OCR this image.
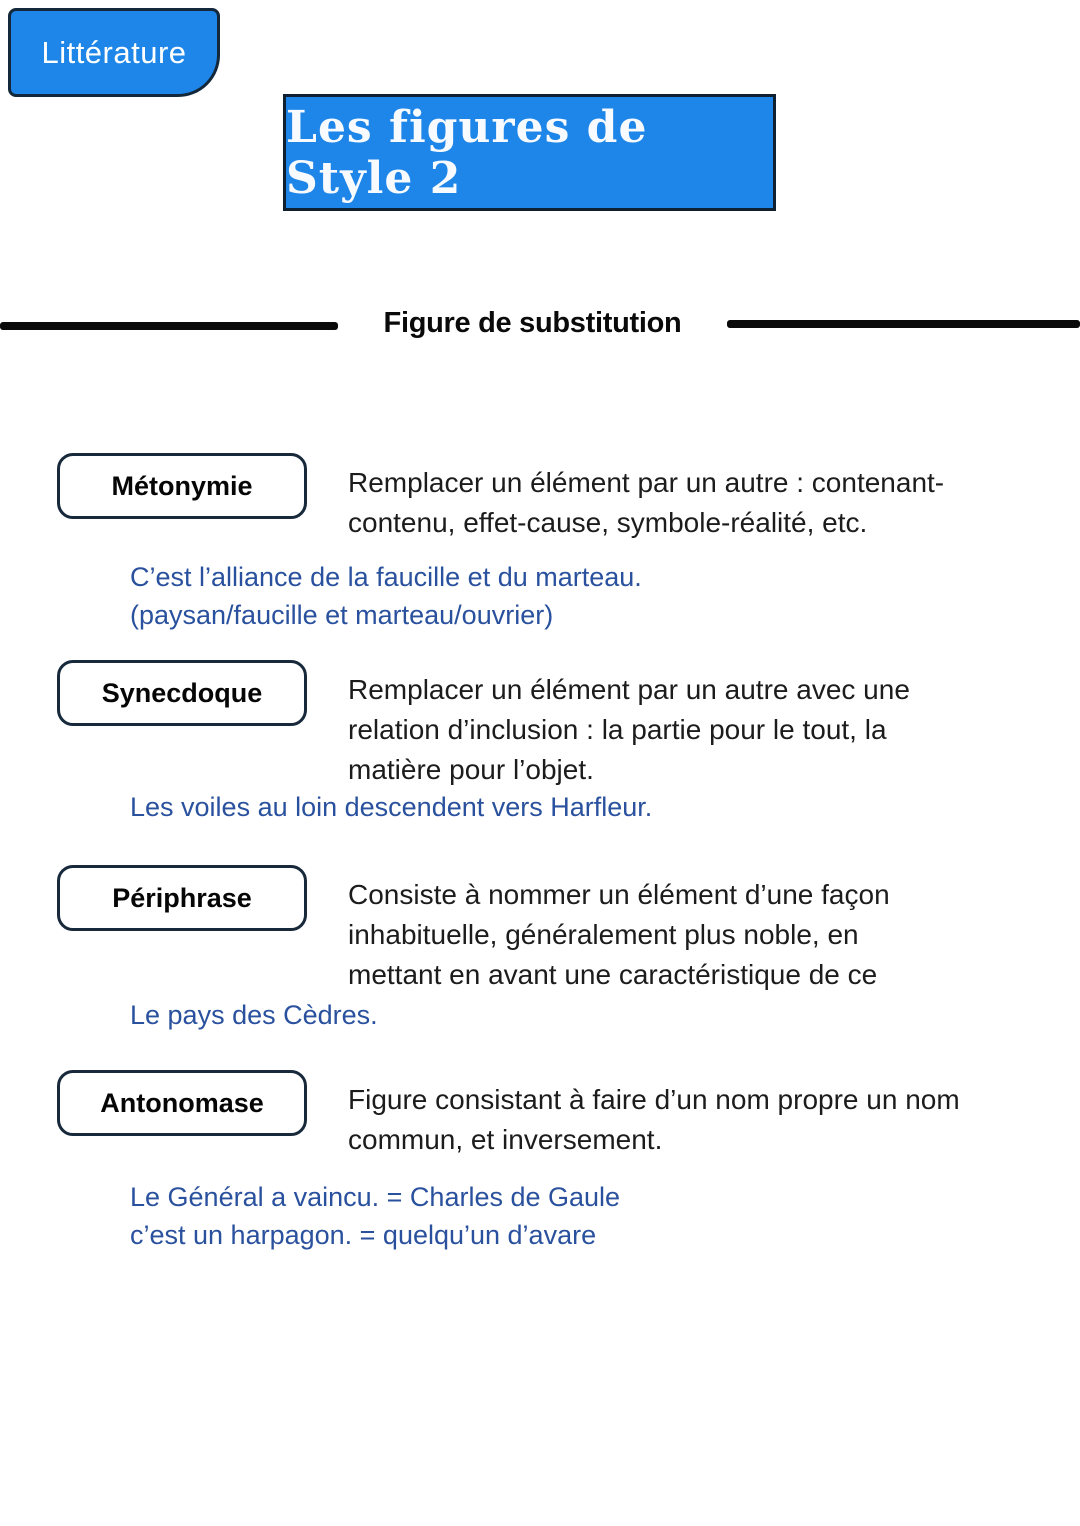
Littérature
Les figures de Style 2
Figure de substitution
Métonymie	Remplacer un élément par un autre : contenant-
contenu, effet-cause, symbole-réalité, etc.
C’est l’alliance de la faucille et du marteau.
(paysan/faucille et marteau/ouvrier)
Synecdoque	Remplacer un élément par un autre avec une
relation d’inclusion : la partie pour le tout, la
matière pour l’objet.
Les voiles au loin descendent vers Harfleur.
Périphrase	Consiste à nommer un élément d’une façon
inhabituelle, généralement plus noble, en
mettant en avant une caractéristique de ce
Le pays des Cèdres.
Antonomase	Figure consistant à faire d’un nom propre un nom
commun, et inversement.
Le Général a vaincu. = Charles de Gaule
c’est un harpagon. = quelqu’un d’avare
